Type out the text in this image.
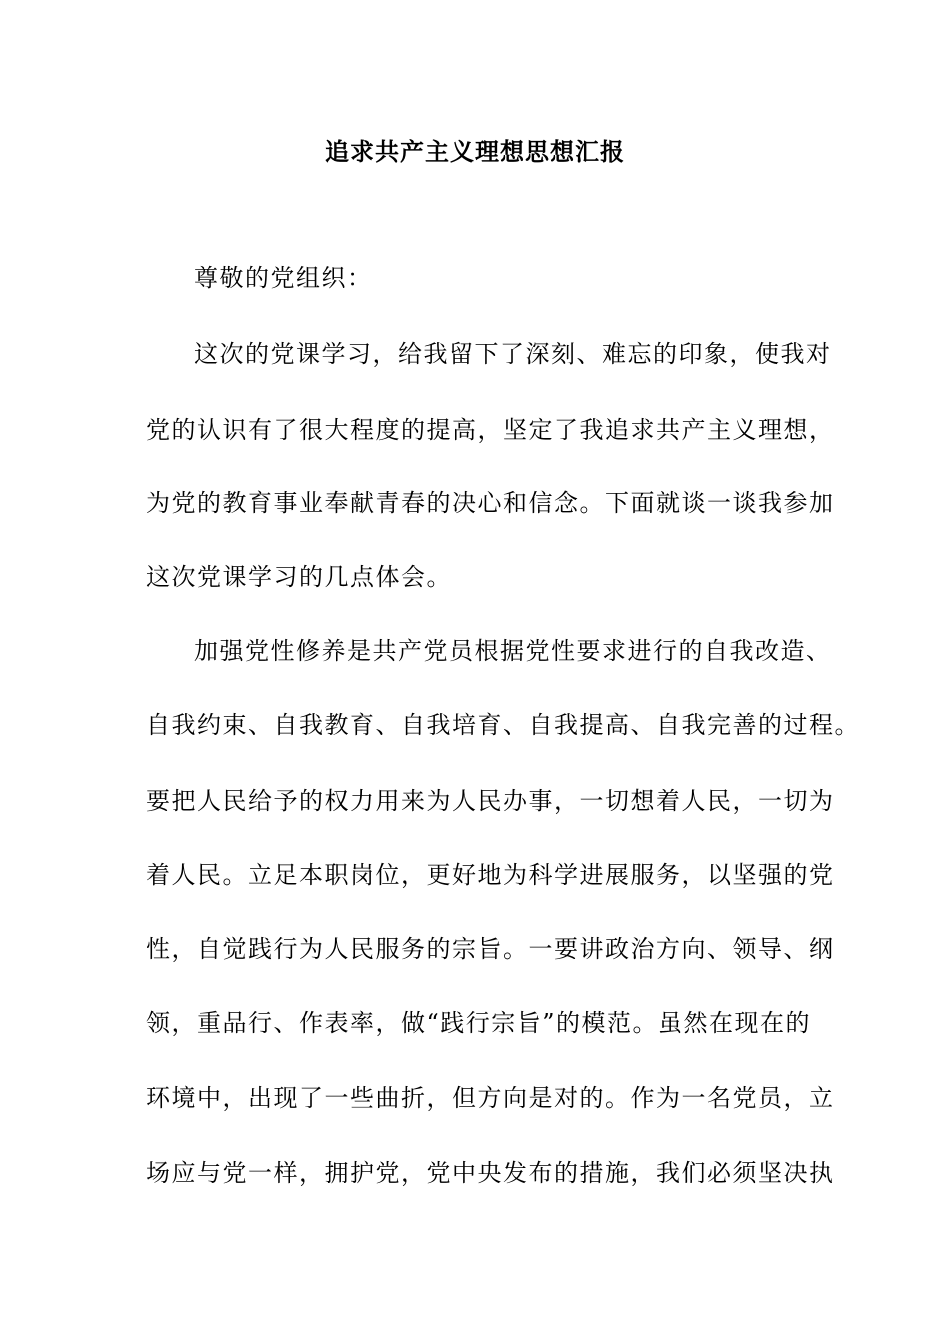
追求共产主义理想思想汇报
尊敬的党组织：
这次的党课学习，给我留下了深刻、难忘的印象，使我对
党的认识有了很大程度的提高，坚定了我追求共产主义理想，
为党的教育事业奉献青春的决心和信念。下面就谈一谈我参加
这次党课学习的几点体会。
加强党性修养是共产党员根据党性要求进行的自我改造、
自我约束、自我教育、自我培育、自我提高、自我完善的过程。
要把人民给予的权力用来为人民办事，一切想着人民，一切为
着人民。立足本职岗位，更好地为科学进展服务，以坚强的党
性，自觉践行为人民服务的宗旨。一要讲政治方向、领导、纲
领，重品行、作表率，做“践行宗旨”的模范。虽然在现在的
环境中，出现了一些曲折，但方向是对的。作为一名党员，立
场应与党一样，拥护党，党中央发布的措施，我们必须坚决执
